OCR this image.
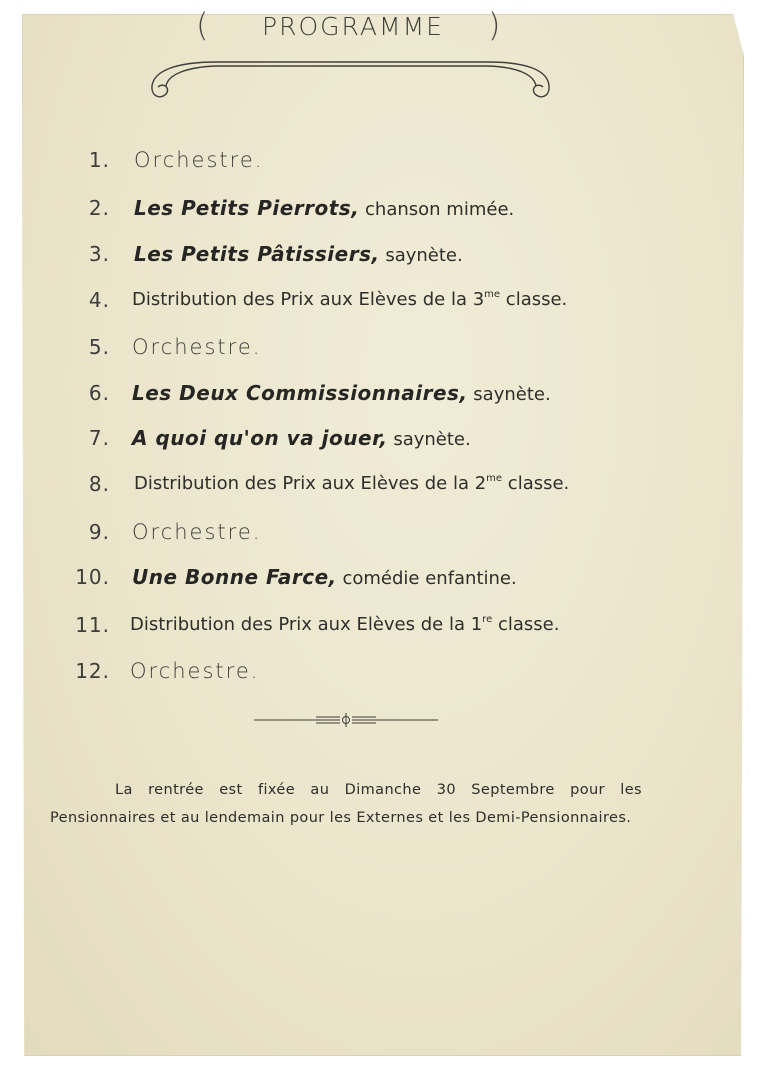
(	PROGRAMME	)
1. Orchestre.
2. Les Petits Pierrots, chanson mimée.
3. Les Petits Pâtissiers, saynète.
4. Distribution des Prix aux Elèves de la $3^{me}$ classe.
5. Orchestre.
6. Les Deux Commissionnaires, saynète.
7. A quoi qu'on va jouer, saynète.
8. Distribution des Prix aux Elèves de la $2^{me}$ classe.
9. Orchestre.
10. Une Bonne Farce, comédie enfantine.
11. Distribution des Prix aux Elèves de la 1re classe.
12. Orchestre.
La rentrée est fixée au Dimanche 30 Septembre pour les Pensionnaires et au lendemain pour les Externes et les Demi-Pensionnaires.
